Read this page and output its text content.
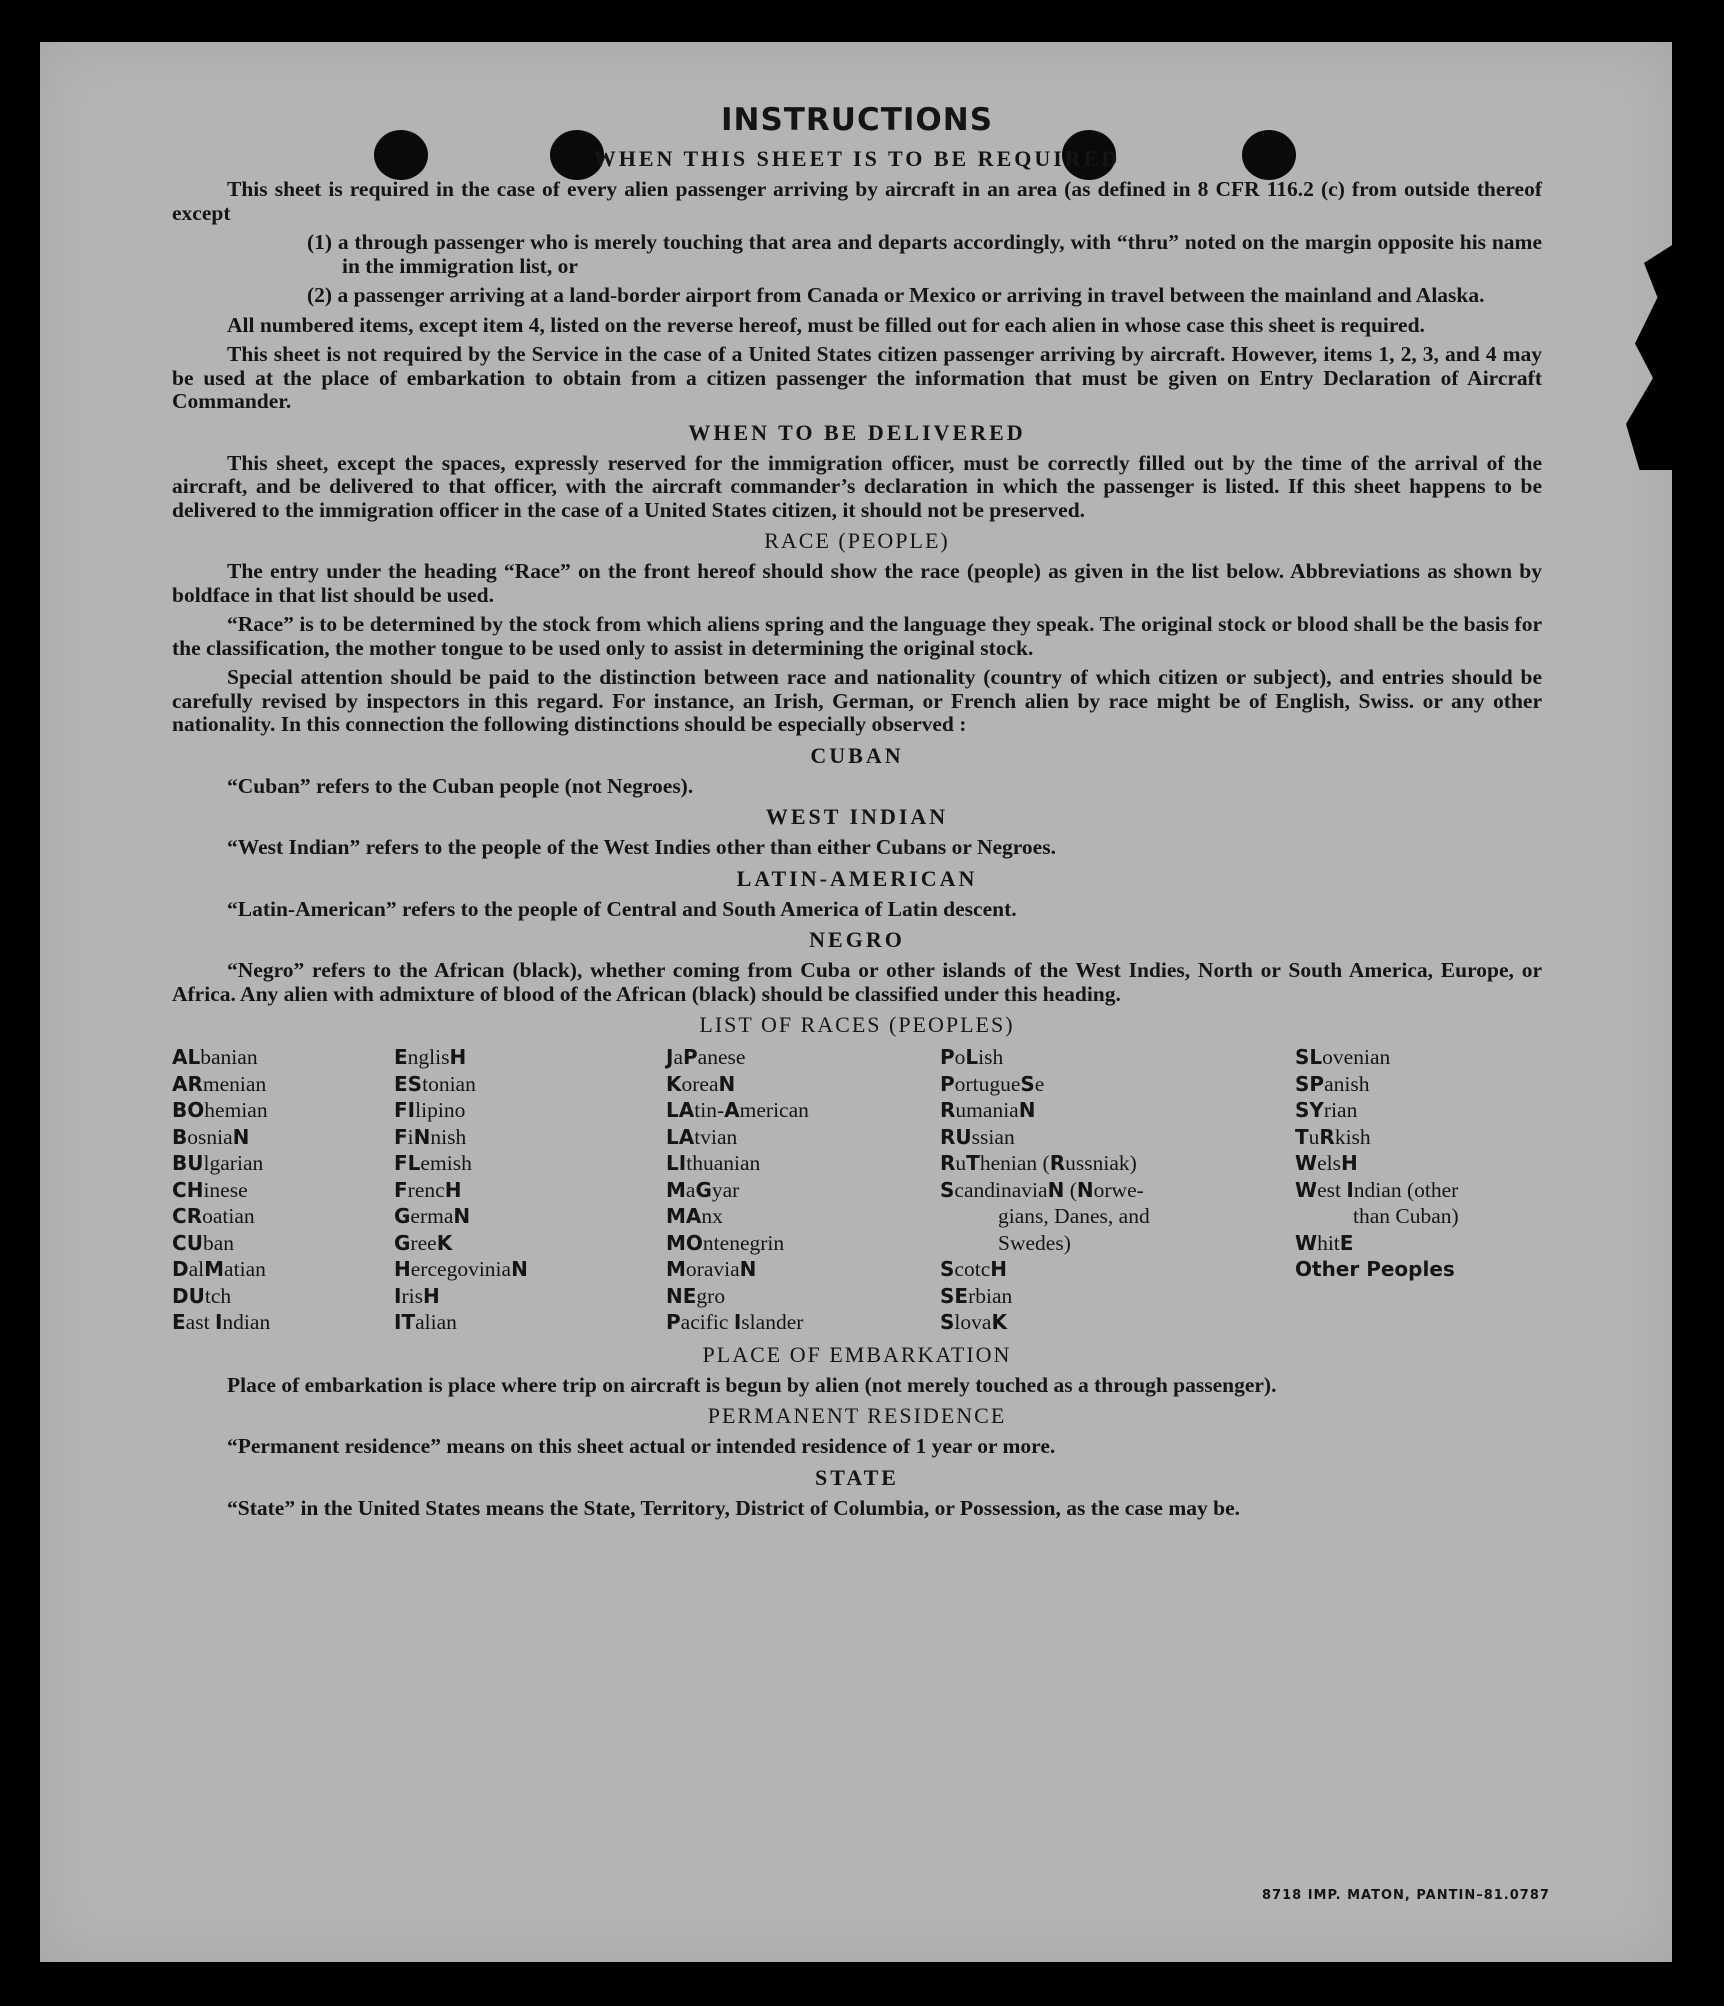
INSTRUCTIONS
WHEN THIS SHEET IS TO BE REQUIRED

This sheet is required in the case of every alien passenger arriving by aircraft in an area (as defined in 8 CFR 116.2 (c) from outside thereof except

(1) a through passenger who is merely touching that area and departs accordingly, with “thru” noted on the margin opposite his name in the immigration list, or

(2) a passenger arriving at a land-border airport from Canada or Mexico or arriving in travel between the mainland and Alaska.

All numbered items, except item 4, listed on the reverse hereof, must be filled out for each alien in whose case this sheet is required.

This sheet is not required by the Service in the case of a United States citizen passenger arriving by aircraft. However, items 1, 2, 3, and 4 may be used at the place of embarkation to obtain from a citizen passenger the information that must be given on Entry Declaration of Aircraft Commander.

WHEN TO BE DELIVERED

This sheet, except the spaces, expressly reserved for the immigration officer, must be correctly filled out by the time of the arrival of the aircraft, and be delivered to that officer, with the aircraft commander’s declaration in which the passenger is listed. If this sheet happens to be delivered to the immigration officer in the case of a United States citizen, it should not be preserved.

RACE (PEOPLE)

The entry under the heading “Race” on the front hereof should show the race (people) as given in the list below. Abbreviations as shown by boldface in that list should be used.

“Race” is to be determined by the stock from which aliens spring and the language they speak. The original stock or blood shall be the basis for the classification, the mother tongue to be used only to assist in determining the original stock.

Special attention should be paid to the distinction between race and nationality (country of which citizen or subject), and entries should be carefully revised by inspectors in this regard. For instance, an Irish, German, or French alien by race might be of English, Swiss. or any other nationality. In this connection the following distinctions should be especially observed :

CUBAN

“Cuban” refers to the Cuban people (not Negroes).

WEST INDIAN

“West Indian” refers to the people of the West Indies other than either Cubans or Negroes.

LATIN-AMERICAN

“Latin-American” refers to the people of Central and South America of Latin descent.

NEGRO

“Negro” refers to the African (black), whether coming from Cuba or other islands of the West Indies, North or South America, Europe, or Africa. Any alien with admixture of blood of the African (black) should be classified under this heading.

LIST OF RACES (PEOPLES)
ALbanian
ARmenian
BOhemian
BosniaN
BUlgarian
CHinese
CRoatian
CUban
DalMatian
DUtch
East Indian
EnglisH
EStonian
FIlipino
FiNnish
FLemish
FrencH
GermaN
GreeK
HercegoviniaN
IrisH
ITalian
JaPanese
KoreaN
LAtin-American
LAtvian
LIthuanian
MaGyar
MAnx
MOntenegrin
MoraviaN
NEgro
Pacific Islander
PoLish
PortugueSe
RumaniaN
RUssian
RuThenian (Russniak)
ScandinaviaN (Norwe-
gians, Danes, and
Swedes)
ScotcH
SErbian
SlovaK
SLovenian
SPanish
SYrian
TuRkish
WelsH
West Indian (other
than Cuban)
WhitE
Other Peoples
PLACE OF EMBARKATION

Place of embarkation is place where trip on aircraft is begun by alien (not merely touched as a through passenger).

PERMANENT RESIDENCE

“Permanent residence” means on this sheet actual or intended residence of 1 year or more.

STATE

“State” in the United States means the State, Territory, District of Columbia, or Possession, as the case may be.

8718 IMP. MATON, PANTIN–81.0787
